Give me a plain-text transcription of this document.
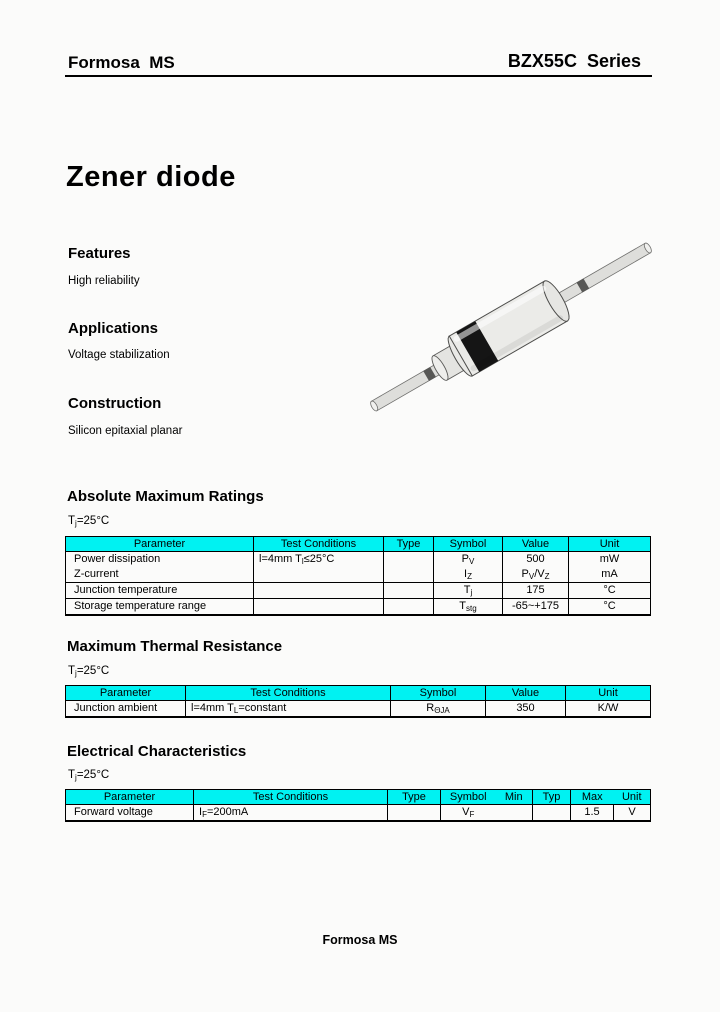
Formosa  MS	BZX55C  Series
Zener diode
Features
High reliability
Applications
Voltage stabilization
Construction
Silicon epitaxial planar
Absolute Maximum Ratings
$T_j=25^\circ C$
Parameter	Test Conditions	Type	Symbol	Value	Unit
Power dissipation	l=4mm $T_l\le 25^\circ C$		$P_V$	500	mW
Z-current			$I_Z$	$P_V/V_Z$	mA
Junction temperature			$T_j$	175	°C
Storage temperature range			$T_{stg}$	-65~+175	°C
Maximum Thermal Resistance
$T_j=25^\circ C$
Parameter	Test Conditions	Symbol	Value	Unit
Junction ambient	l=4mm $T_L=constant$	$R_{\Theta JA}$	350	K/W
Electrical Characteristics
$T_j=25^\circ C$
Parameter	Test Conditions	Type	Symbol	Min	Typ	Max	Unit
Forward voltage	$I_F=200mA$		$V_F$			1.5	V
Formosa MS
